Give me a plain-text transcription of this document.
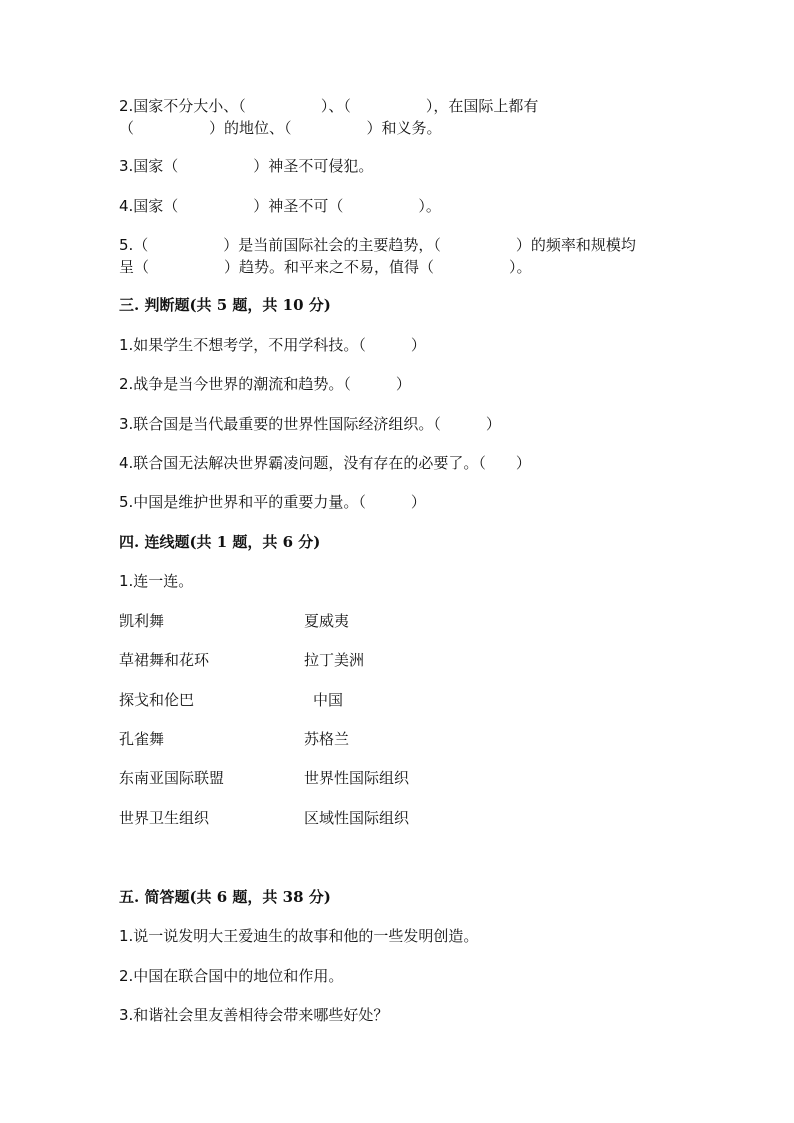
2.国家不分大小、（　　　　　）、（　　　　　），在国际上都有

（　　　　　）的地位、（　　　　　）和义务。

3.国家（　　　　　）神圣不可侵犯。

4.国家（　　　　　）神圣不可（　　　　　）。

5.（　　　　　）是当前国际社会的主要趋势，（　　　　　）的频率和规模均

呈（　　　　　）趋势。和平来之不易，值得（　　　　　）。

三. 判断题(共 5 题，共 10 分)

1.如果学生不想考学，不用学科技。（　　　）

2.战争是当今世界的潮流和趋势。（　　　）

3.联合国是当代最重要的世界性国际经济组织。（　　　）

4.联合国无法解决世界霸凌问题，没有存在的必要了。（　　）

5.中国是维护世界和平的重要力量。（　　　）

四. 连线题(共 1 题，共 6 分)

1.连一连。

凯利舞	夏威夷

草裙舞和花环	拉丁美洲

探戈和伦巴	中国

孔雀舞	苏格兰

东南亚国际联盟	世界性国际组织

世界卫生组织	区域性国际组织

五. 简答题(共 6 题，共 38 分)

1.说一说发明大王爱迪生的故事和他的一些发明创造。

2.中国在联合国中的地位和作用。

3.和谐社会里友善相待会带来哪些好处？
